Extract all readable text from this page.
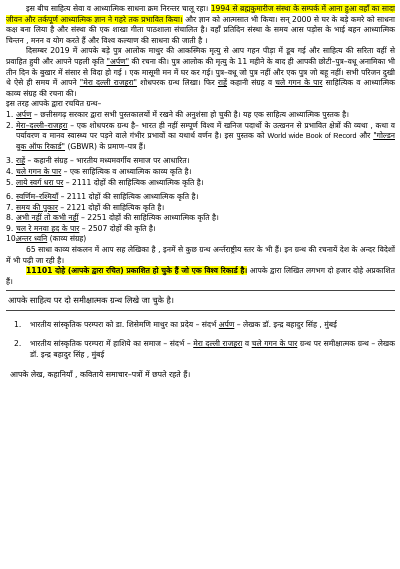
इस बीच साहित्य सेवा व आध्यात्मिक साधना क्रम निरन्तर चालू रहा। 1994 से ब्रह्मकुमारीज संस्था के सम्पर्क में आना हुआ वहाँ का सादा जीवन और तर्कपूर्ण आध्यात्मिक ज्ञान ने गहरे तक प्रभावित किया। और ज्ञान को आत्मसात भी किया। सन् 2000 से घर के बड़े कमरे को साधना कक्ष बना लिया है और संस्था की एक शाखा गीता पाठशाला संचालित है। वहाँ प्रतिदिन संस्था के समय आस पड़ोस के भाई बहन आध्यात्मिक चिन्तन , मनन व योग करते हैं और विश्व कल्याण की साधना की जाती है ।

दिसम्बर 2019 में आपके बड़े पुत्र आलोक माथुर की आकस्मिक मृत्यु से आप गहन पीड़ा में डूब गई और साहित्य की सरिता वहीं से प्रवाहित हुयी और आपने पहली कृति "अर्पण" की रचना की। पुत्र आलोक की मृत्यु के 11 महीने के बाद ही आपकी छोटी–पुत्र–वधू अनामिका भी तीन दिन के बुखार में संसार से विदा हो गई । एक मासूमी मन में घर कर गई। पुत्र–वधू जो पुत्र नहीं और एक पुत्र जो बहू नहीं। सभी परिजन दुखी थे ऐसे ही समय में आपने "मेरा दल्ली राजहरा" शोधपरक ग्रन्थ लिखा। फिर राहें कहानी संग्रह व चले गगन के पार साहित्यिक व आध्यात्मिक काव्य संग्रह की रचना की।

इस तरह आपके द्वारा रचयित ग्रन्थ–

1. अर्पण – छत्तीसगढ़ सरकार द्वारा सभी पुस्तकालयों में रखने की अनुशंसा हो चुकी है। यह एक साहित्य आध्यात्मिक पुस्तक है।
2. मेरा–दल्ली–राजहरा – एक शोधपरक ग्रन्थ है– भारत ही नहीं सम्पूर्ण विश्व में खनिज पदार्थो के उत्खनन से प्रभावित क्षेत्रों की व्यथा , कथा व पर्यावरण व मानव स्वास्थ्य पर पड़ने वाले गंभीर प्रभावों का यथार्थ वर्णन है। इस पुस्तक को World wide Book of Record और "गोल्डन बुक ऑफ रिकार्ड" (GBWR) के प्रमाण–पत्र हैं।
3. राहें – कहानी संग्रह – भारतीय मध्यमवर्गीय समाज पर आधारित।
4. चले गगन के पार – एक साहित्यिक व आध्यात्मिक काव्य कृति है।
5. लाये स्वर्ग धरा पर – 2111 दोहों की साहित्यिक आध्यात्मिक कृति है।
6. स्वर्णिम–रश्मियाँ – 2111 दोहों की साहित्यिक आध्यात्मिक कृति है।
7. समय की पुकार – 2121 दोहों की साहित्यिक कृति है।
8. अभी नहीं तो कभी नहीं – 2251 दोहों की साहित्यिक आध्यात्मिक कृति है।
9. चल रे मनवा हद के पार – 2507 दोहों की कृति है।
10.
अन्तर ध्वनि (काव्य संग्रह)

65 साधा काव्य संकलन में आप सह लेखिका है , इनमें से कुछ ग्रन्थ अर्न्तराष्ट्रीय स्तर के भी हैं। इन ग्रन्थ की रचनायें देश के अन्दर विदेशों में भी पढ़ी जा रही है।

11101 दोहे (आपके द्वारा रचित) प्रकाशित हो चुके हैं जो एक विश्व रिकार्ड है। आपके द्वारा लिखित लगभग दो हजार दोहे अप्रकाशित हैं।

आपके साहित्य पर दो समीक्षात्मक ग्रन्थ लिखे जा चुके है।
1.	भारतीय सांस्कृतिक परम्परा को डा. शिसेमणि माथुर का प्रदेय – संदर्भ अर्पण – लेखक डॉ. इन्द्र बहादुर सिंह , मुंबई
2.	भारतीय सांस्कृतिक परम्परा में हाशिये का समाज – संदर्भ – मेरा दल्ली राजहरा व चले गगन के पार ग्रन्थ पर समीक्षात्मक ग्रन्थ – लेखक डॉ. इन्द्र बहादुर सिंह , मुंबई
आपके लेख, कहानियाँ , कविताये समाचार–पत्रों में छपते रहते हैं।
